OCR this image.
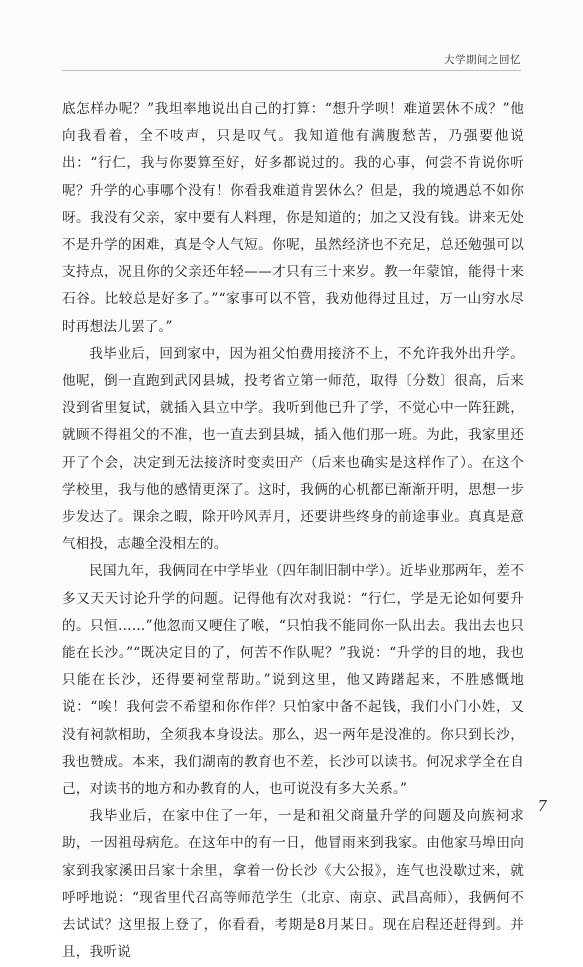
大学期间之回忆

底怎样办呢？”我坦率地说出自己的打算：“想升学呗！难道罢休不成？”他向我看着，全不吱声，只是叹气。我知道他有满腹愁苦，乃强要他说出：“行仁，我与你要算至好，好多都说过的。我的心事，何尝不肯说你听呢？升学的心事哪个没有！你看我难道肯罢休么？但是，我的境遇总不如你呀。我没有父亲，家中要有人料理，你是知道的；加之又没有钱。讲来无处不是升学的困难，真是令人气短。你呢，虽然经济也不充足，总还勉强可以支持点，况且你的父亲还年轻——才只有三十来岁。教一年蒙馆，能得十来石谷。比较总是好多了。”“家事可以不管，我劝他得过且过，万一山穷水尽时再想法儿罢了。”

我毕业后，回到家中，因为祖父怕费用接济不上，不允许我外出升学。他呢，倒一直跑到武冈县城，投考省立第一师范，取得〔分数〕很高，后来没到省里复试，就插入县立中学。我听到他已升了学，不觉心中一阵狂跳，就顾不得祖父的不准，也一直去到县城，插入他们那一班。为此，我家里还开了个会，决定到无法接济时变卖田产（后来也确实是这样作了）。在这个学校里，我与他的感情更深了。这时，我俩的心机都已渐渐开明，思想一步步发达了。课余之暇，除开吟风弄月，还要讲些终身的前途事业。真真是意气相投，志趣全没相左的。

民国九年，我俩同在中学毕业（四年制旧制中学）。近毕业那两年，差不多又天天讨论升学的问题。记得他有次对我说：“行仁，学是无论如何要升的。只恒……”他忽而又哽住了喉，“只怕我不能同你一队出去。我出去也只能在长沙。”“既决定目的了，何苦不作队呢？”我说：“升学的目的地，我也只能在长沙，还得要祠堂帮助。”说到这里，他又踌躇起来，不胜感慨地说：“唉！我何尝不希望和你作伴？只怕家中备不起钱，我们小门小姓，又没有祠款相助，全须我本身设法。那么，迟一两年是没准的。你只到长沙，我也赞成。本来，我们湖南的教育也不差，长沙可以读书。何况求学全在自己，对读书的地方和办教育的人，也可说没有多大关系。”

我毕业后，在家中住了一年，一是和祖父商量升学的问题及向族祠求助，一因祖母病危。在这年中的有一日，他冒雨来到我家。由他家马埠田向家到我家溪田吕家十余里，拿着一份长沙《大公报》，连气也没歇过来，就呼呼地说：“现省里代召高等师范学生（北京、南京、武昌高师），我俩何不去试试？这里报上登了，你看看，考期是8月某日。现在启程还赶得到。并且，我听说

7
